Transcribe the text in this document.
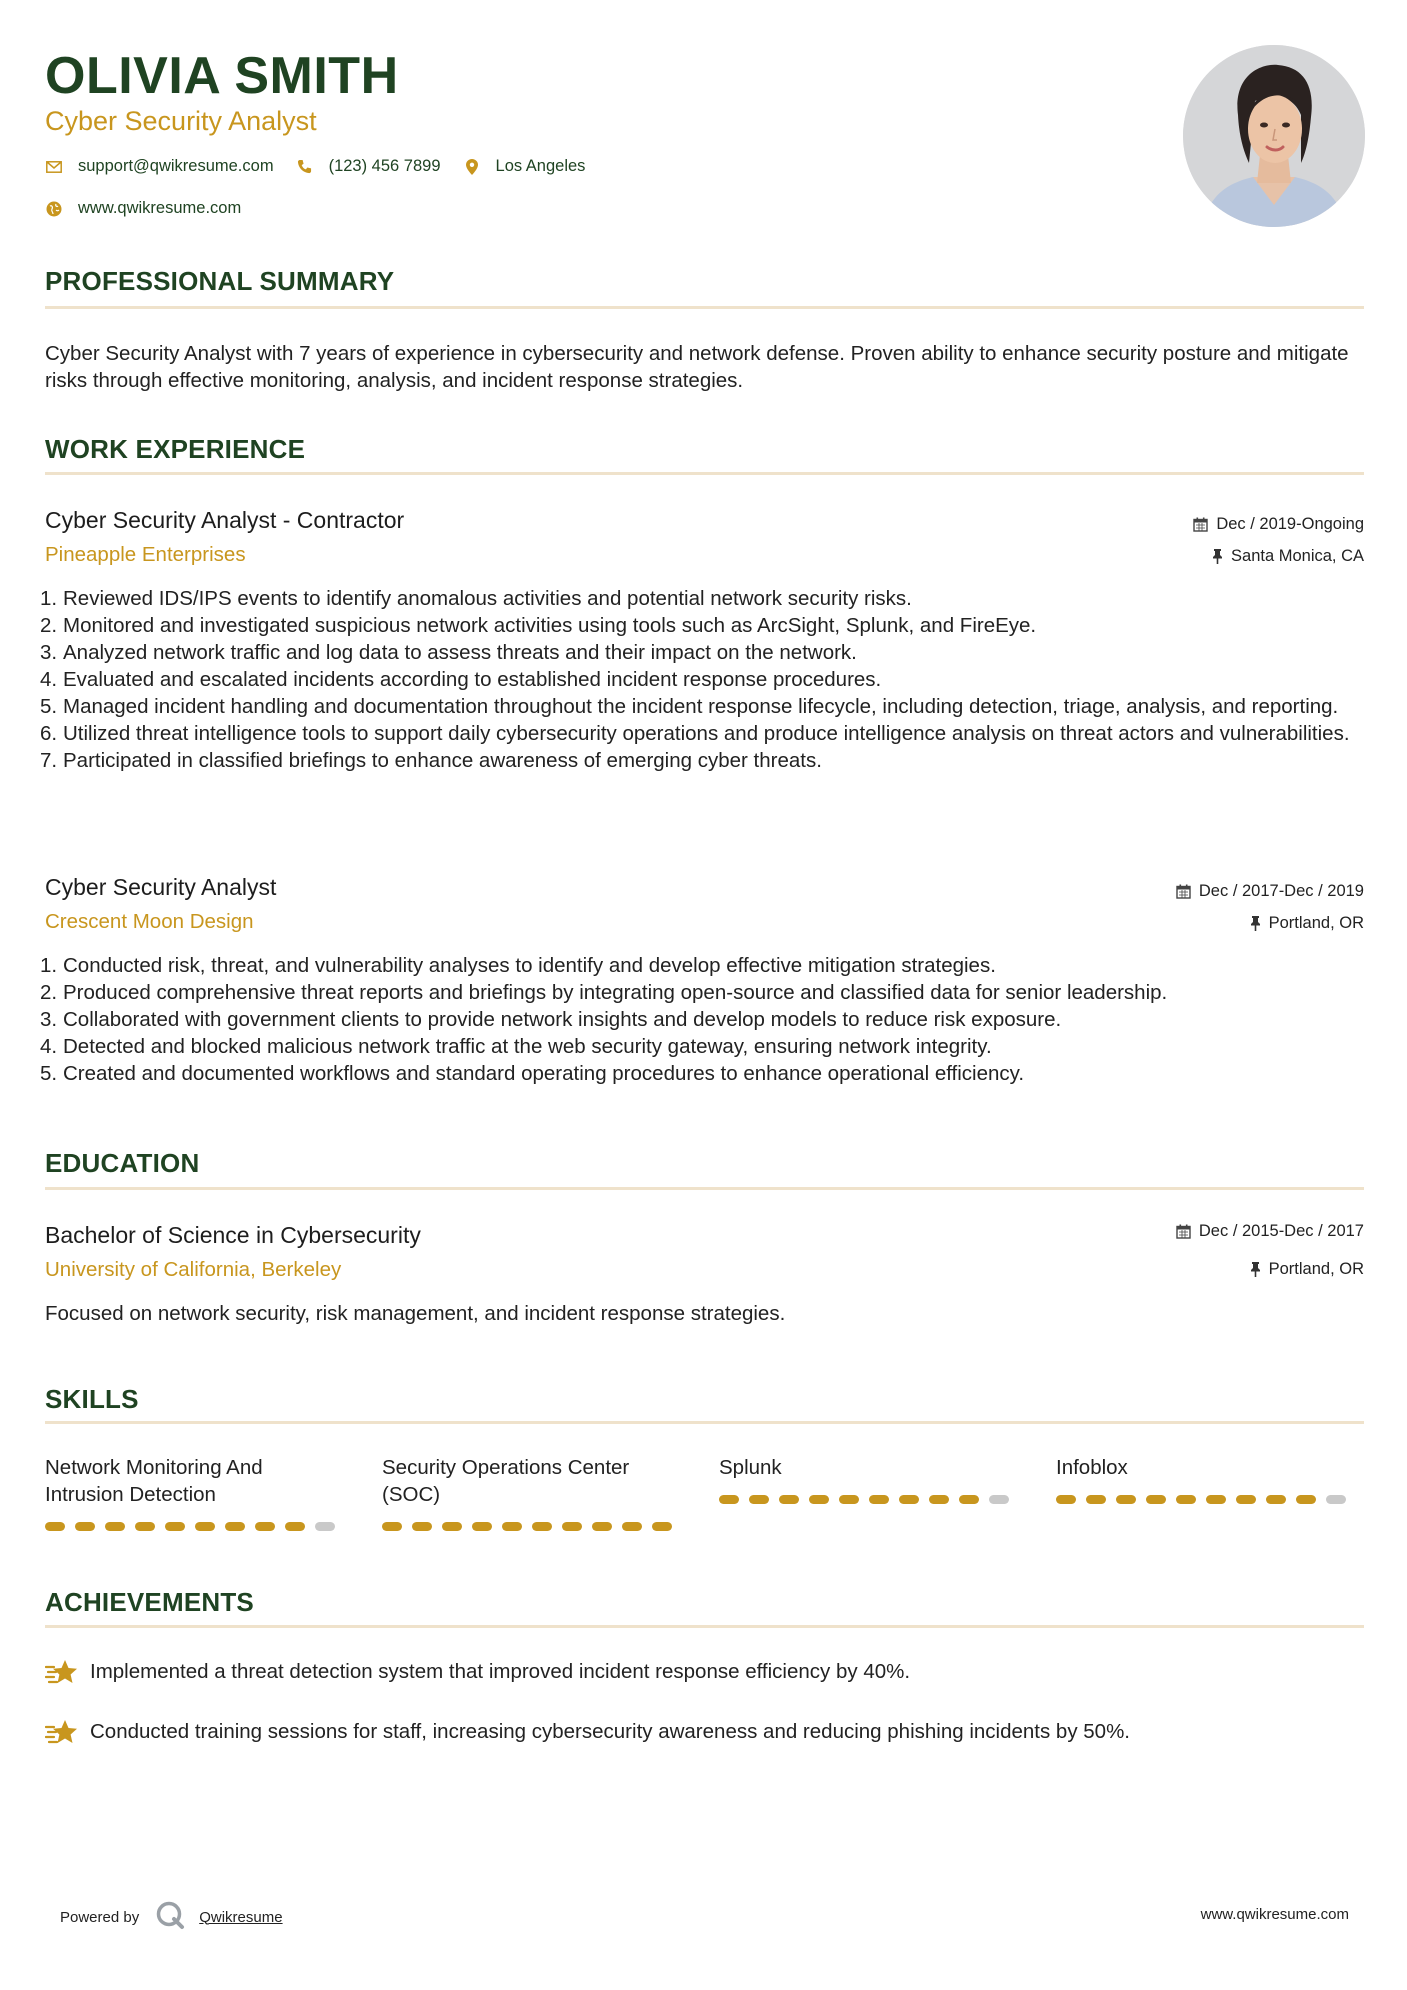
OLIVIA SMITH
Cyber Security Analyst
support@qwikresume.com	(123) 456 7899	Los Angeles
www.qwikresume.com
PROFESSIONAL SUMMARY
Cyber Security Analyst with 7 years of experience in cybersecurity and network defense. Proven ability to enhance security posture and mitigate risks through effective monitoring, analysis, and incident response strategies.
WORK EXPERIENCE
Cyber Security Analyst - Contractor
Pineapple Enterprises
Dec / 2019-Ongoing
Santa Monica, CA
1. Reviewed IDS/IPS events to identify anomalous activities and potential network security risks.
2. Monitored and investigated suspicious network activities using tools such as ArcSight, Splunk, and FireEye.
3. Analyzed network traffic and log data to assess threats and their impact on the network.
4. Evaluated and escalated incidents according to established incident response procedures.
5. Managed incident handling and documentation throughout the incident response lifecycle, including detection, triage, analysis, and reporting.
6. Utilized threat intelligence tools to support daily cybersecurity operations and produce intelligence analysis on threat actors and vulnerabilities.
7. Participated in classified briefings to enhance awareness of emerging cyber threats.
Cyber Security Analyst
Crescent Moon Design
Dec / 2017-Dec / 2019
Portland, OR
1. Conducted risk, threat, and vulnerability analyses to identify and develop effective mitigation strategies.
2. Produced comprehensive threat reports and briefings by integrating open-source and classified data for senior leadership.
3. Collaborated with government clients to provide network insights and develop models to reduce risk exposure.
4. Detected and blocked malicious network traffic at the web security gateway, ensuring network integrity.
5. Created and documented workflows and standard operating procedures to enhance operational efficiency.
EDUCATION
Bachelor of Science in Cybersecurity
University of California, Berkeley
Dec / 2015-Dec / 2017
Portland, OR
Focused on network security, risk management, and incident response strategies.
SKILLS
Network Monitoring And Intrusion Detection
Security Operations Center (SOC)
Splunk	Infoblox
ACHIEVEMENTS
Implemented a threat detection system that improved incident response efficiency by 40%.
Conducted training sessions for staff, increasing cybersecurity awareness and reducing phishing incidents by 50%.
Powered by	Qwikresume	www.qwikresume.com
